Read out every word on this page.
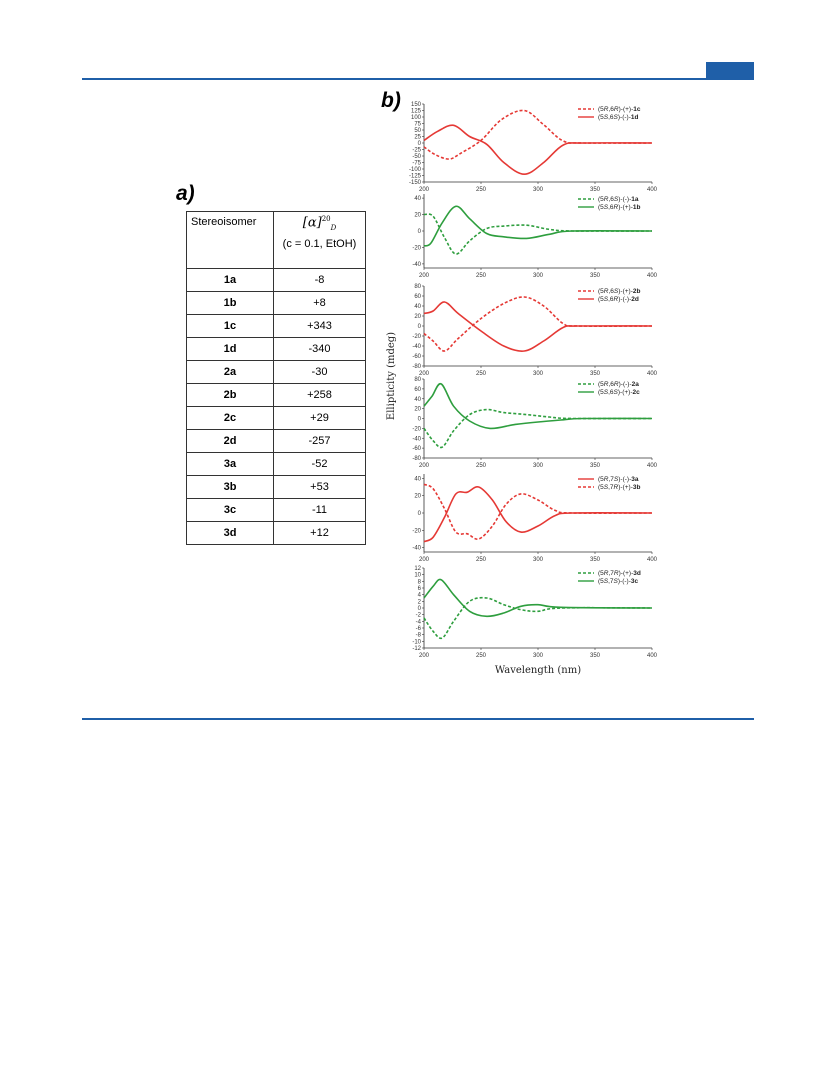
a)
b)
Stereoisomer	$[\alpha]^{20}_D$
(c = 0.1, EtOH)

1a	-8
1b	+8
1c	+343
1d	-340
2a	-30
2b	+258
2c	+29
2d	-257
3a	-52
3b	+53
3c	-11
3d	+12
150
125
100
75
50
25
0
-25
-50
-75
-100
-125
-150
200	250	300	350	400
(5R,6R)-(+)-1c
(5S,6S)-(-)-1d
40
20
0
-20
-40
200	250	300	350	400
(5R,6S)-(-)-1a
(5S,6R)-(+)-1b
80
60
40
20
0
-20
-40
-60
-80
200	250	300	350	400
(5R,6S)-(+)-2b
(5S,6R)-(-)-2d
80
60
40
20
0
-20
-40
-60
-80
200	250	300	350	400
(5R,6R)-(-)-2a
(5S,6S)-(+)-2c
40
20
0
-20
-40
200	250	300	350	400
(5R,7S)-(-)-3a
(5S,7R)-(+)-3b
12
10
8
6
4
2
0
-2
-4
-6
-8
-10
-12
200	250	300	350	400
(5R,7R)-(+)-3d
(5S,7S)-(-)-3c
Ellipticity (mdeg)
Wavelength (nm)
